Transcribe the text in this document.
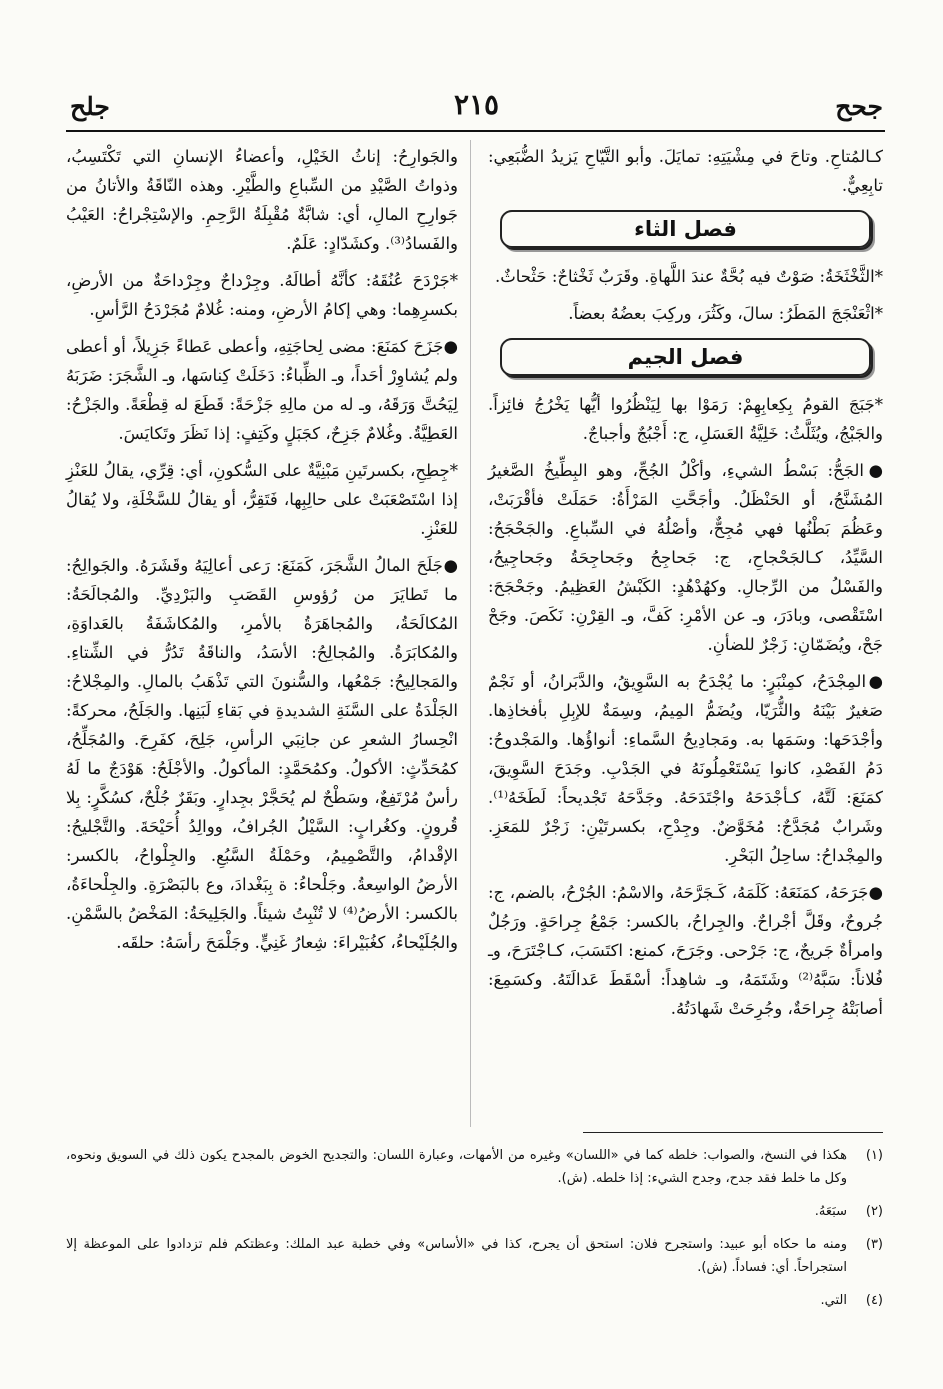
جحح
٢١٥
جلح

كـالمُتاحِ. وتاحَ في مِشْيَتِهِ: تمايَلَ. وأبو التَّيّاحِ يَزيدُ الضُّبَعِي: تابِعِيٌّ.

فصل الثاء

*الثَّخْثَخَةُ: صَوْتٌ فيه بُحَّةٌ عندَ اللَّهاةِ. وقَرَبٌ ثَخْثاحٌ: حَثْحاثٌ.

*اثْعَنْجَجَ المَطَرُ: سالَ، وكَثُرَ، وركِبَ بعضُهُ بعضاً.

فصل الجيم

*جَبَجَ القومُ بِكِعابِهِمْ: رَمَوْا بها لِيَنْظُرُوا أيُّها يَخْرُجُ فائِزاً. والجَبْجُ، ويُثَلَّثُ: خَلِيَّةُ العَسَلِ، ج: أَجْبُجٌ وأجباجٌ.

●الجَحُّ: بَسْطُ الشيءِ، وأكْلُ الجُحِّ، وهو البِطِّيخُ الصَّغيرُ المُشَنَّجُ، أو الحَنْظَلُ. وأجَحَّتِ المَرْأَةُ: حَمَلَتْ فأقْرَبَتْ، وعَظُمَ بَطْنُها فهي مُجِحٌّ، وأصْلُهُ في السِّباعِ. والجَحْجَحُ: السَّيِّدُ، كـالجَحْجاحِ، ج: جَحاجِحُ وجَحاجِحَةُ وجَحاجِيحُ، والفَسْلُ من الرِّجالِ. وكهُدْهُدٍ: الكَبْشُ العَظِيمُ. وجَحْجَحَ: اسْتَقْصى، وبادَرَ، وـ عن الأمْرِ: كَفَّ، وـ القِرْنِ: نَكَصَ. وجَحْ جَحْ، ويُضَمّانِ: زَجْرٌ للضأنِ.

●المِجْدَحُ، كمِنْبَرٍ: ما يُجْدَحُ به السَّوِيقُ، والدَّبَرانُ، أو نَجْمٌ صَغيرٌ بَيْنَهُ والثُّرَيّا، ويُضَمُّ المِيمُ، وسِمَةٌ للإبِلِ بأفخاذِها. وأجْدَحَها: وسَمَها به. ومَجادِيحُ السَّماءِ: أنواؤُها. والمَجْدوحُ: دَمُ الفَصْدِ، كانوا يَسْتَعْمِلُونَهُ في الجَدْبِ. وجَدَحَ السَّوِيقَ، كمَنَعَ: لَتَّهُ، كـأجْدَحَهُ واجْتَدَحَهُ. وجَدَّحَهُ تَجْديحاً: لَطَخَهُ⁽¹⁾. وشَرابٌ مُجَدَّحٌ: مُخَوَّضٌ. وجِدْحِ، بكسرتَيْنِ: زَجْرٌ للمَعَزِ. والمِجْداحُ: ساحِلُ البَحْرِ.

●جَرَحَهُ، كمَنَعَهُ: كَلَمَهُ، كَـجَرَّحَهُ، والاسْمُ: الجُرْحُ، بالضم، ج: جُروحٌ، وقَلَّ أجْراحٌ. والجِراحُ، بالكسر: جَمْعُ جِراحَةٍ. ورَجُلٌ وامرأةٌ جَريحٌ، ج: جَرْحى. وجَرَحَ، كمنع: اكتَسَبَ، كـاجْتَرَحَ، وـ فُلاناً: سَبَّهُ⁽²⁾ وشَتَمَهُ، وـ شاهِداً: أسْقَطَ عَدالَتَهُ. وكسَمِعَ: أصابَتْهُ جِراحَةٌ، وجُرِحَتْ شَهادَتُهُ.

والجَوارِحُ: إناثُ الخَيْلِ، وأعضاءُ الإنسانِ التي تَكْتَسِبُ، وذواتُ الصَّيْدِ من السِّباعِ والطَّيْرِ. وهذه النّاقَةُ والأتانُ من جَوارِحِ المالِ، أي: شابَّةٌ مُقْبِلَةُ الرَّحِمِ. والإسْتِجْراحُ: العَيْبُ والفَسادُ⁽³⁾. وكشَدّادٍ: عَلَمٌ.

*جَرْدَحَ عُنُقَهُ: كأنَّهُ أطالَهُ. وجِرْداحٌ وجِرْداحَةٌ من الأرضِ، بكسرِهِما: وهي إكامُ الأرضِ، ومنه: غُلامٌ مُجَرْدَحُ الرَّأسِ.

●جَزَحَ كمَنَعَ: مضى لِحاجَتِهِ، وأعطى عَطاءً جَزِيلاً، أو أعطى ولم يُشاوِرْ أحَداً، وـ الظِّباءُ: دَخَلَتْ كِناسَها، وـ الشَّجَرَ: ضَرَبَهُ لِيَحُتَّ وَرَقَهُ، وـ له من مالِهِ جَزْحَةً: قَطَعَ له قِطْعَةً. والجَزْحُ: العَطِيَّةُ. وغُلامٌ جَزِحٌ، كجَبَلٍ وكَتِفٍ: إذا نَظَرَ وتَكايَسَ.

*جِطِحِ، بكسرتَينِ مَبْنِيَّةٌ على السُّكونِ، أي: قِرِّي، يقالُ للعَنْزِ إذا اسْتَصْعَبَتْ على حالِبِها، فَتَقِرُّ، أو يقالُ للسَّخْلَةِ، ولا يُقالُ للعَنْزِ.

●جَلَحَ المالُ الشَّجَرَ، كَمَنَعَ: رَعى أعالِيَهُ وقَشَرَهُ. والجَوالِحُ: ما تَطايَرَ من رُؤوسِ القَصَبِ والبَرْدِيِّ. والمُجالَحَةُ: المُكالَحَةُ، والمُجاهَرَةُ بالأمرِ، والمُكاشَفَةُ بالعَداوَةِ، والمُكابَرَةُ. والمُجالِحُ: الأسَدُ، والناقَةُ تَدُرُّ في الشِّتاءِ. والمَجالِيحُ: جَمْعُها، والسُّنونَ التي تَذْهَبُ بالمالِ. والمِجْلاحُ: الجَلْدَةُ على السَّنَةِ الشديدةِ في بَقاءِ لَبَنِها. والجَلَحُ، محركةً: انْحِسارُ الشعرِ عن جانِبَي الرأسِ، جَلِحَ، كفَرِحَ. والمُجَلِّحُ، كمُحَدِّثٍ: الأكولُ. وكمُحَمَّدٍ: المأكولُ. والأجْلَحُ: هَوْدَجٌ ما لَهُ رأسٌ مُرْتَفِعٌ، وسَطْحٌ لم يُحَجَّرْ بجِدارٍ. وبَقَرٌ جُلْحٌ، كسُكَّرٍ: بِلا قُرونٍ. وكغُرابٍ: السَّيْلُ الجُرافُ، ووالِدُ أُحَيْحَةَ. والتَّجْليحُ: الإقْدامُ، والتَّصْمِيمُ، وحَمْلَةُ السَّبُعِ. والجِلْواحُ، بالكسر: الأرضُ الواسِعةُ. وجَلْحاءُ: ة بِبَغْدادَ، وع بالبَصْرَةِ. والجِلْحاءَةُ، بالكسر: الأرضُ⁽⁴⁾ لا تُنْبِتُ شيئاً. والجَلِيحَةُ: المَخْضُ بالسَّمْنِ. والجُلَيْحاءُ، كغُبَيْراءَ: شِعارُ غَنِيٍّ. وجَلْمَحَ رأسَهُ: حلقَه.

(١)
هكذا في النسخ، والصواب: خلطه كما في «اللسان» وغيره من الأمهات، وعبارة اللسان: والتجديح الخوض بالمجدح يكون ذلك في السويق ونحوه، وكل ما خلط فقد جدح، وجدح الشيء: إذا خلطه. (ش).
(٢)
سبَعَهُ.
(٣)
ومنه ما حكاه أبو عبيد: واستجرح فلان: استحق أن يجرح، كذا في «الأساس» وفي خطبة عبد الملك: وعظتكم فلم تزدادوا على الموعظة إلا استجراحاً. أي: فساداً. (ش).
(٤)
التي.
